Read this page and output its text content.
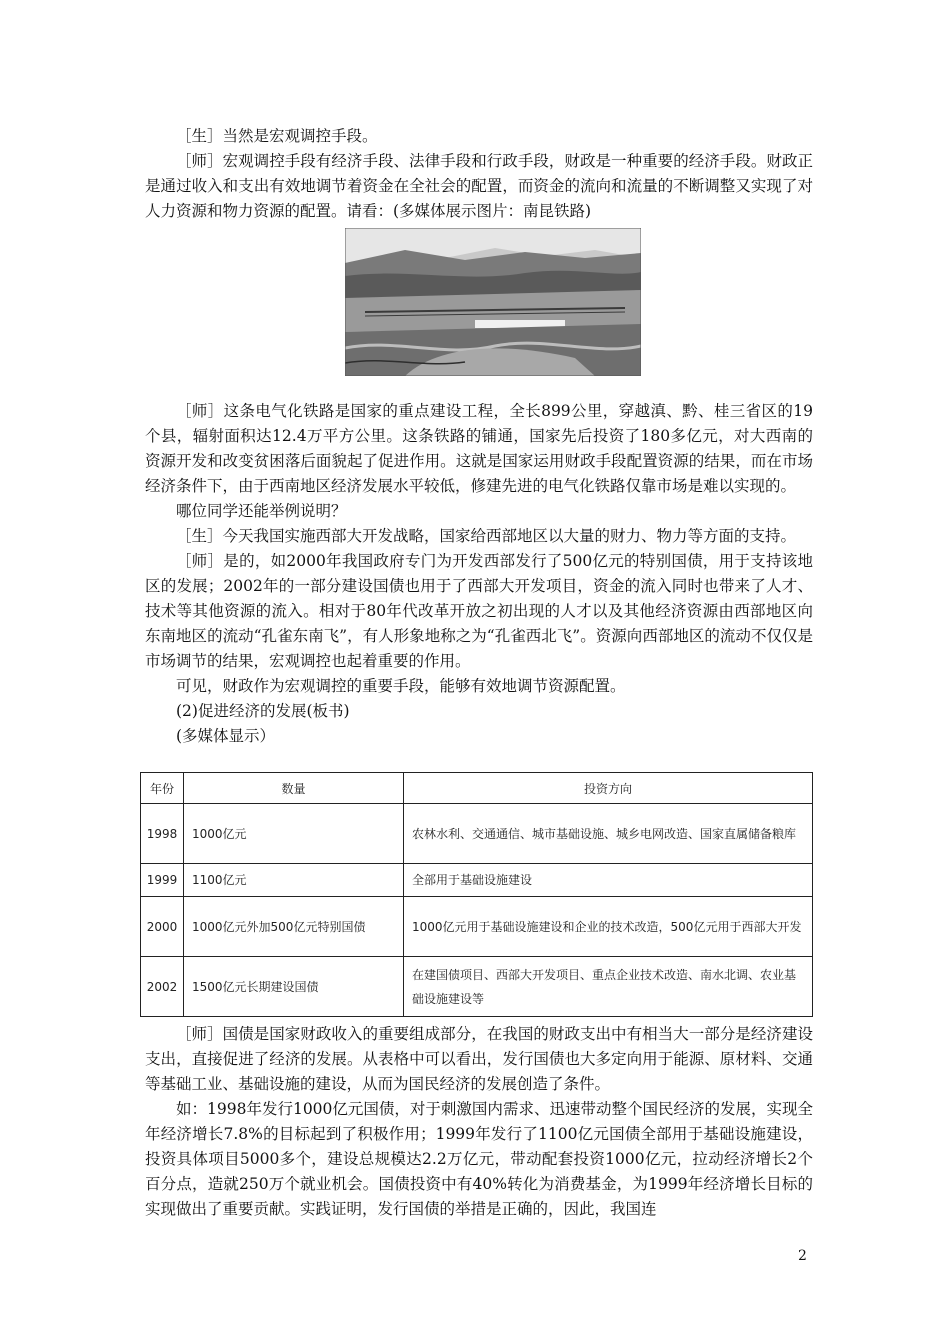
［生］当然是宏观调控手段。

［师］宏观调控手段有经济手段、法律手段和行政手段，财政是一种重要的经济手段。财政正是通过收入和支出有效地调节着资金在全社会的配置，而资金的流向和流量的不断调整又实现了对人力资源和物力资源的配置。请看：(多媒体展示图片：南昆铁路)

［师］这条电气化铁路是国家的重点建设工程，全长899公里，穿越滇、黔、桂三省区的19个县，辐射面积达12.4万平方公里。这条铁路的铺通，国家先后投资了180多亿元，对大西南的资源开发和改变贫困落后面貌起了促进作用。这就是国家运用财政手段配置资源的结果，而在市场经济条件下，由于西南地区经济发展水平较低，修建先进的电气化铁路仅靠市场是难以实现的。

哪位同学还能举例说明？

［生］今天我国实施西部大开发战略，国家给西部地区以大量的财力、物力等方面的支持。

［师］是的，如2000年我国政府专门为开发西部发行了500亿元的特别国债，用于支持该地区的发展；2002年的一部分建设国债也用于了西部大开发项目，资金的流入同时也带来了人才、技术等其他资源的流入。相对于80年代改革开放之初出现的人才以及其他经济资源由西部地区向东南地区的流动“孔雀东南飞”，有人形象地称之为“孔雀西北飞”。资源向西部地区的流动不仅仅是市场调节的结果，宏观调控也起着重要的作用。

可见，财政作为宏观调控的重要手段，能够有效地调节资源配置。

(2)促进经济的发展(板书)

(多媒体显示）

年份	数量	投资方向
1998	1000亿元	农林水利、交通通信、城市基础设施、城乡电网改造、国家直属储备粮库
1999	1100亿元	全部用于基础设施建设
2000	1000亿元外加500亿元特别国债	1000亿元用于基础设施建设和企业的技术改造，500亿元用于西部大开发
2002	1500亿元长期建设国债	在建国债项目、西部大开发项目、重点企业技术改造、南水北调、农业基础设施建设等

［师］国债是国家财政收入的重要组成部分，在我国的财政支出中有相当大一部分是经济建设支出，直接促进了经济的发展。从表格中可以看出，发行国债也大多定向用于能源、原材料、交通等基础工业、基础设施的建设，从而为国民经济的发展创造了条件。

如：1998年发行1000亿元国债，对于刺激国内需求、迅速带动整个国民经济的发展，实现全年经济增长7.8%的目标起到了积极作用；1999年发行了1100亿元国债全部用于基础设施建设，投资具体项目5000多个，建设总规模达2.2万亿元，带动配套投资1000亿元，拉动经济增长2个百分点，造就250万个就业机会。国债投资中有40%转化为消费基金，为1999年经济增长目标的实现做出了重要贡献。实践证明，发行国债的举措是正确的，因此，我国连

2
